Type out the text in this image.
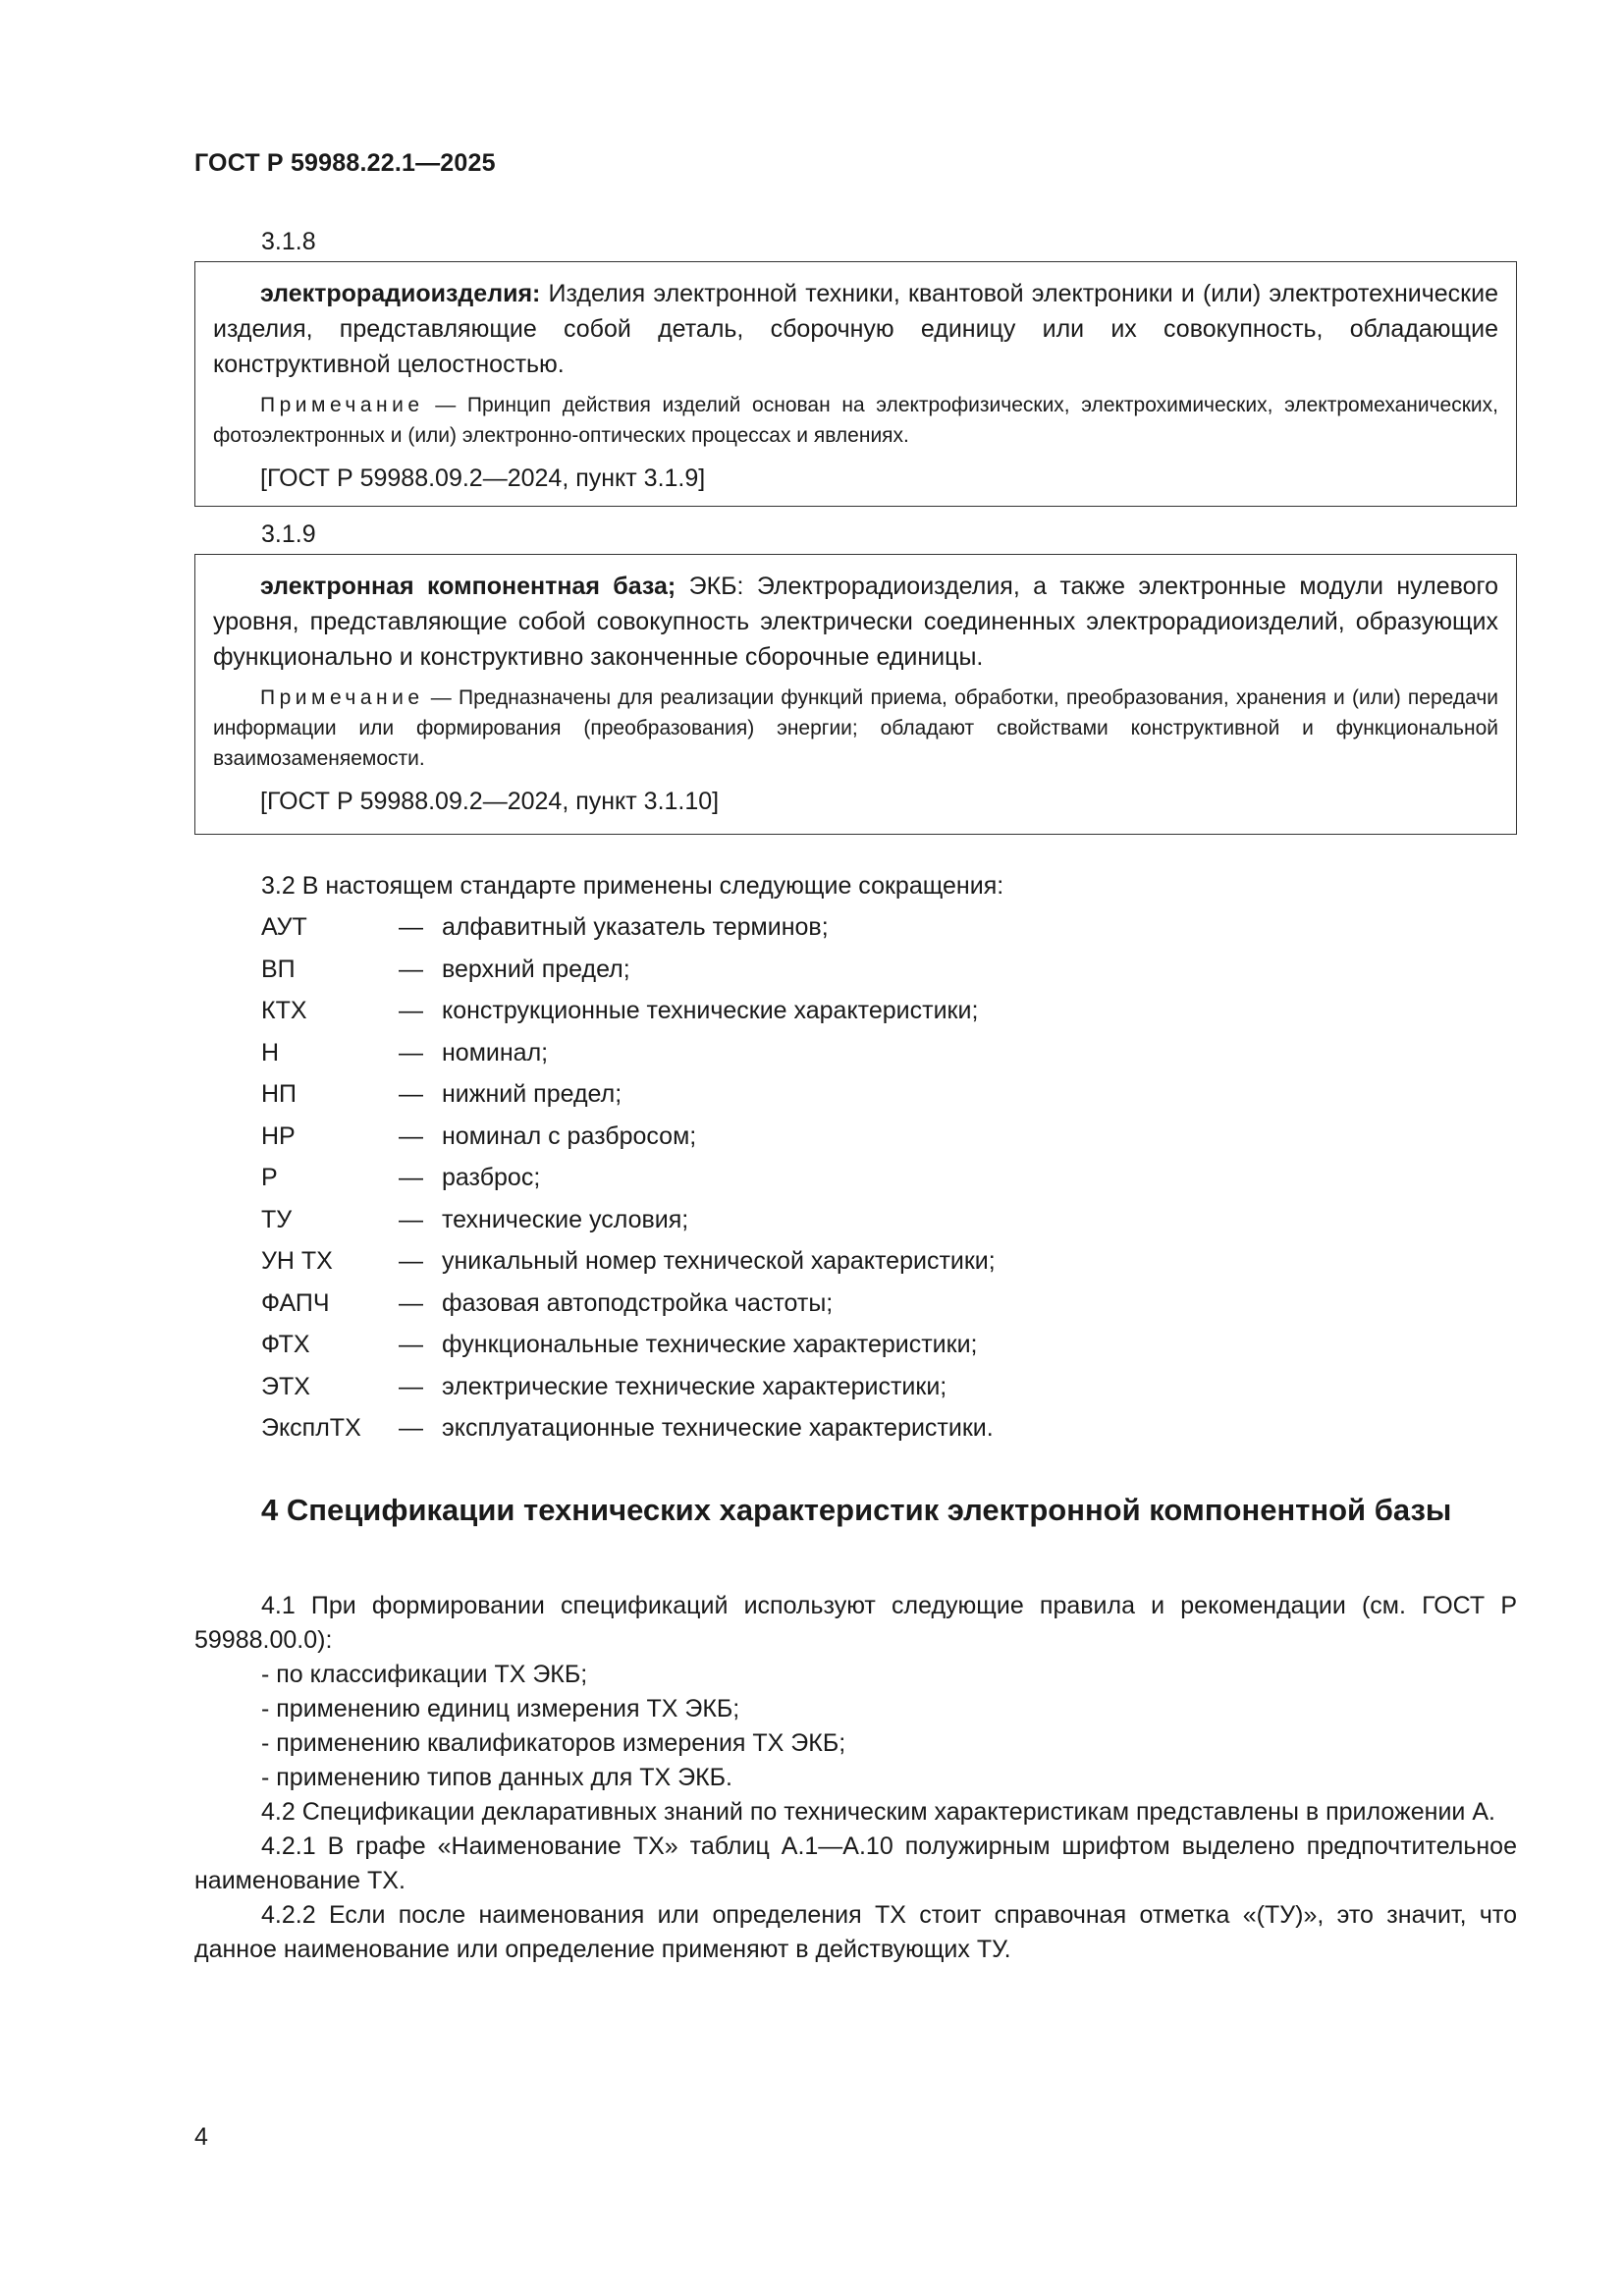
ГОСТ Р 59988.22.1—2025
3.1.8

электрорадиоизделия: Изделия электронной техники, квантовой электроники и (или) электротехнические изделия, представляющие собой деталь, сборочную единицу или их совокупность, обладающие конструктивной целостностью.

Примечание — Принцип действия изделий основан на электрофизических, электрохимических, электромеханических, фотоэлектронных и (или) электронно-оптических процессах и явлениях.

[ГОСТ Р 59988.09.2—2024, пункт 3.1.9]
3.1.9

электронная компонентная база; ЭКБ: Электрорадиоизделия, а также электронные модули нулевого уровня, представляющие собой совокупность электрически соединенных электрорадиоизделий, образующих функционально и конструктивно законченные сборочные единицы.

Примечание — Предназначены для реализации функций приема, обработки, преобразования, хранения и (или) передачи информации или формирования (преобразования) энергии; обладают свойствами конструктивной и функциональной взаимозаменяемости.

[ГОСТ Р 59988.09.2—2024, пункт 3.1.10]
3.2 В настоящем стандарте применены следующие сокращения:
АУТ	— алфавитный указатель терминов;
ВП	— верхний предел;
КТХ	— конструкционные технические характеристики;
Н	— номинал;
НП	— нижний предел;
НР	— номинал с разбросом;
Р	— разброс;
ТУ	— технические условия;
УН ТХ	— уникальный номер технической характеристики;
ФАПЧ	— фазовая автоподстройка частоты;
ФТХ	— функциональные технические характеристики;
ЭТХ	— электрические технические характеристики;
ЭксплТХ — эксплуатационные технические характеристики.
4 Спецификации технических характеристик электронной компонентной базы

4.1 При формировании спецификаций используют следующие правила и рекомендации (см. ГОСТ Р 59988.00.0):

- по классификации ТХ ЭКБ;

- применению единиц измерения ТХ ЭКБ;

- применению квалификаторов измерения ТХ ЭКБ;

- применению типов данных для ТХ ЭКБ.

4.2 Спецификации декларативных знаний по техническим характеристикам представлены в приложении А.

4.2.1 В графе «Наименование ТХ» таблиц А.1—А.10 полужирным шрифтом выделено предпочтительное наименование ТХ.

4.2.2 Если после наименования или определения ТХ стоит справочная отметка «(ТУ)», это значит, что данное наименование или определение применяют в действующих ТУ.

4
